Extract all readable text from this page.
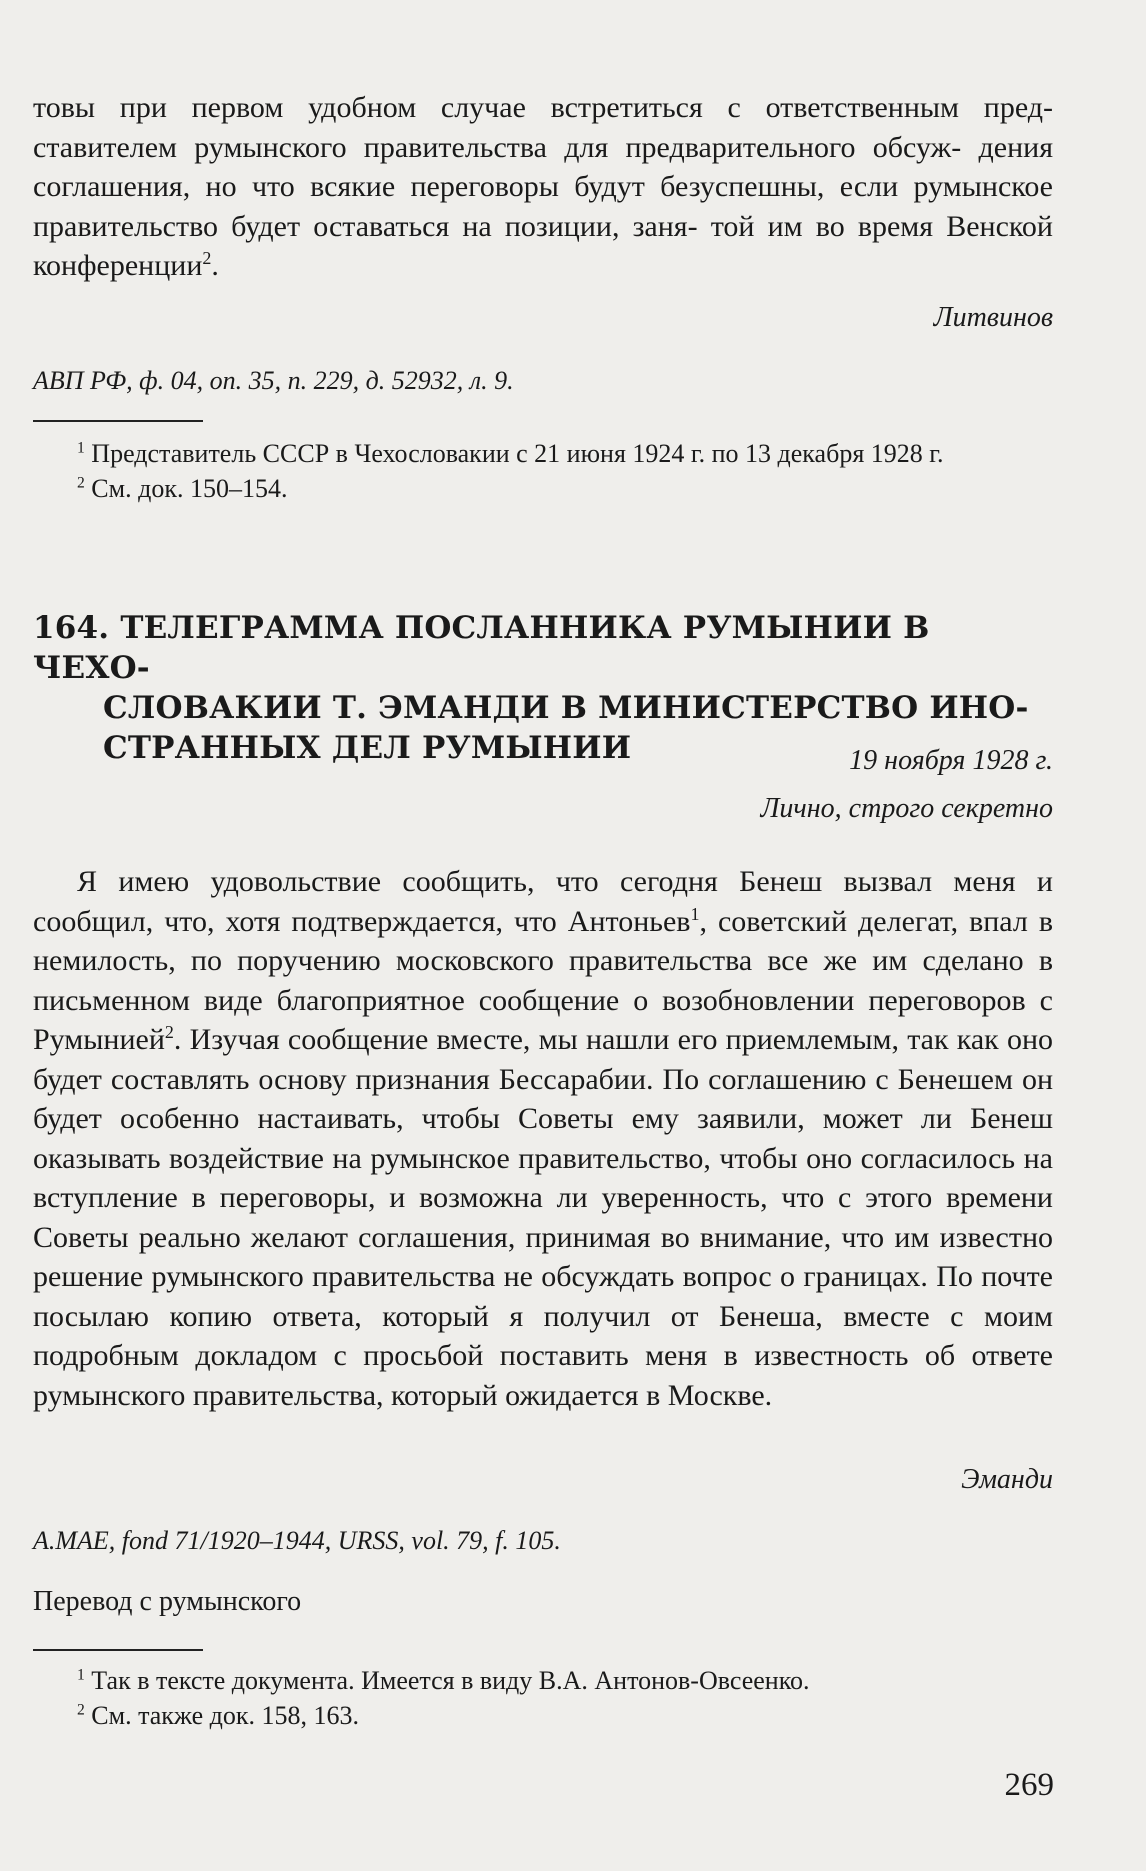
товы при первом удобном случае встретиться с ответственным пред- ставителем румынского правительства для предварительного обсуж- дения соглашения, но что всякие переговоры будут безуспешны, если румынское правительство будет оставаться на позиции, заня- той им во время Венской конференции$^2$.

Литвинов

АВП РФ, ф. 04, оп. 35, п. 229, д. 52932, л. 9.

$^1$ Представитель СССР в Чехословакии с 21 июня 1924 г. по 13 декабря 1928 г.

$^2$ См. док. 150–154.

164. ТЕЛЕГРАММА ПОСЛАННИКА РУМЫНИИ В ЧЕХО-
СЛОВАКИИ Т. ЭМАНДИ В МИНИСТЕРСТВО ИНО-
СТРАННЫХ ДЕЛ РУМЫНИИ	19 ноября 1928 г.
Лично, строго секретно

Я имею удовольствие сообщить, что сегодня Бенеш вызвал меня и сообщил, что, хотя подтверждается, что Антоньев$^1$, советский делегат, впал в немилость, по поручению московского правительства все же им сделано в письменном виде благоприятное сообщение о возобновлении переговоров с Румынией$^2$. Изучая сообщение вместе, мы нашли его приемлемым, так как оно будет составлять основу признания Бессарабии. По соглашению с Бенешем он будет особенно настаивать, чтобы Советы ему заявили, может ли Бенеш оказывать воздействие на румынское правительство, чтобы оно согласилось на вступление в переговоры, и возможна ли уверенность, что с этого времени Советы реально желают соглашения, принимая во внимание, что им известно решение румынского правительства не обсуждать вопрос о границах. По почте посылаю копию ответа, который я получил от Бенеша, вместе с моим подробным докладом с просьбой поставить меня в известность об ответе румынского правительства, который ожидается в Москве.

Эманди

A.MAE, fond 71/1920–1944, URSS, vol. 79, f. 105.

Перевод с румынского

$^1$ Так в тексте документа. Имеется в виду В.А. Антонов-Овсеенко.

$^2$ См. также док. 158, 163.

269
